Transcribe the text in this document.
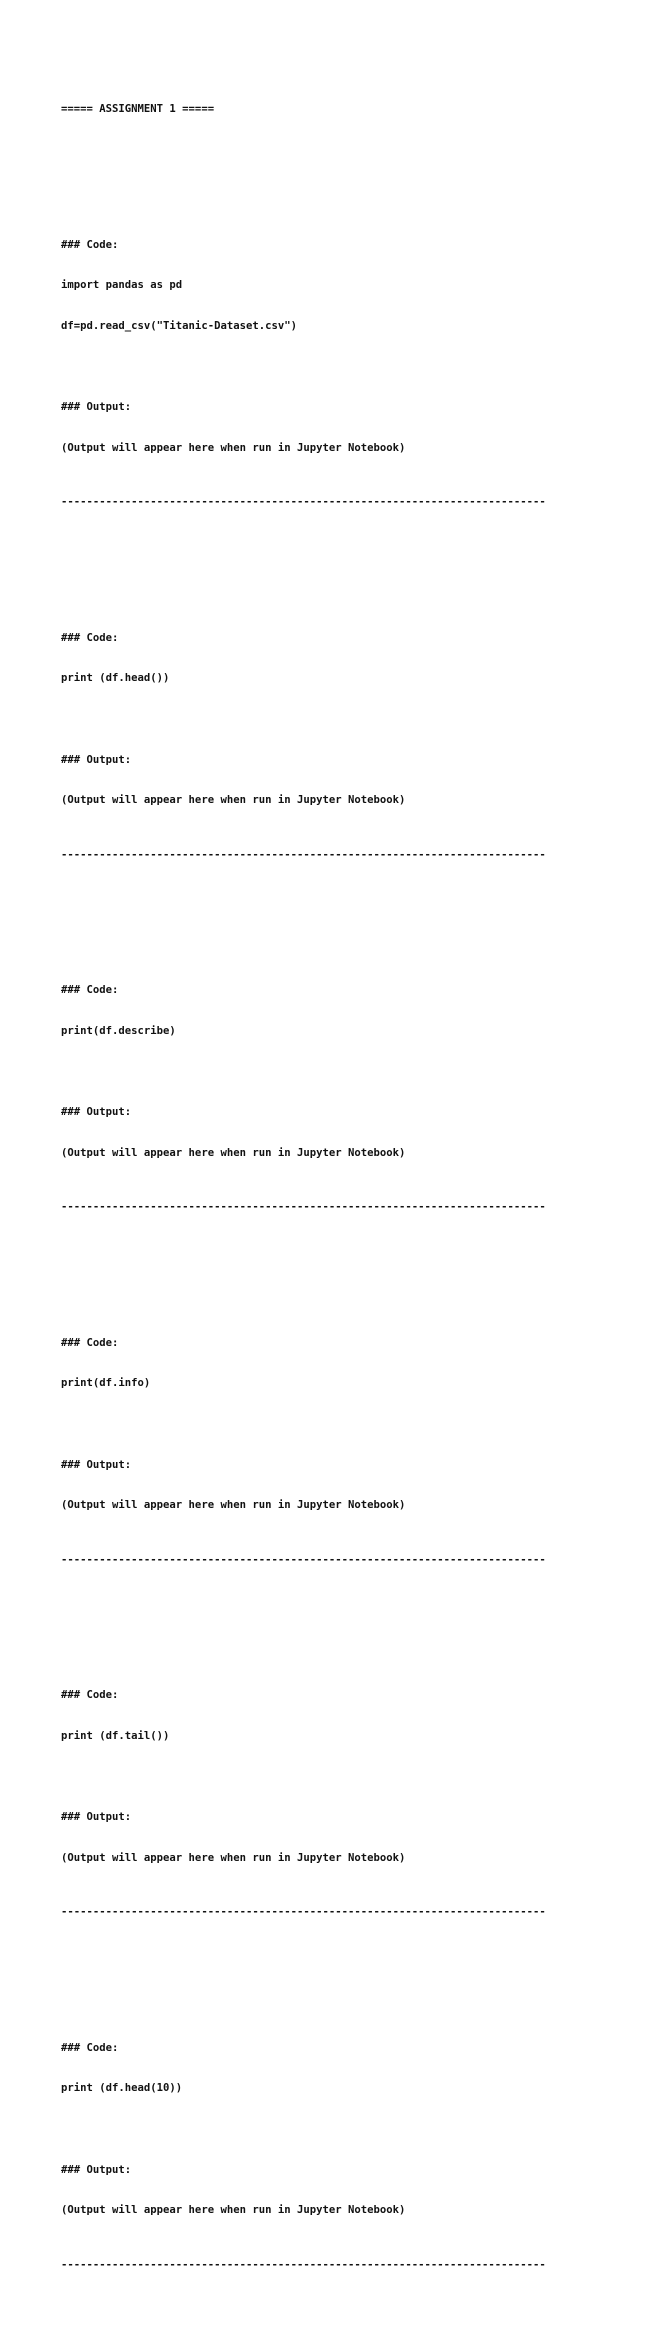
===== ASSIGNMENT 1 =====

### Code:

import pandas as pd

df=pd.read_csv("Titanic-Dataset.csv")

### Output:

(Output will appear here when run in Jupyter Notebook)

----------------------------------------------------------------------------

### Code:

print (df.head())

### Output:

(Output will appear here when run in Jupyter Notebook)

----------------------------------------------------------------------------

### Code:

print(df.describe)

### Output:

(Output will appear here when run in Jupyter Notebook)

----------------------------------------------------------------------------

### Code:

print(df.info)

### Output:

(Output will appear here when run in Jupyter Notebook)

----------------------------------------------------------------------------

### Code:

print (df.tail())

### Output:

(Output will appear here when run in Jupyter Notebook)

----------------------------------------------------------------------------

### Code:

print (df.head(10))

### Output:

(Output will appear here when run in Jupyter Notebook)

----------------------------------------------------------------------------
